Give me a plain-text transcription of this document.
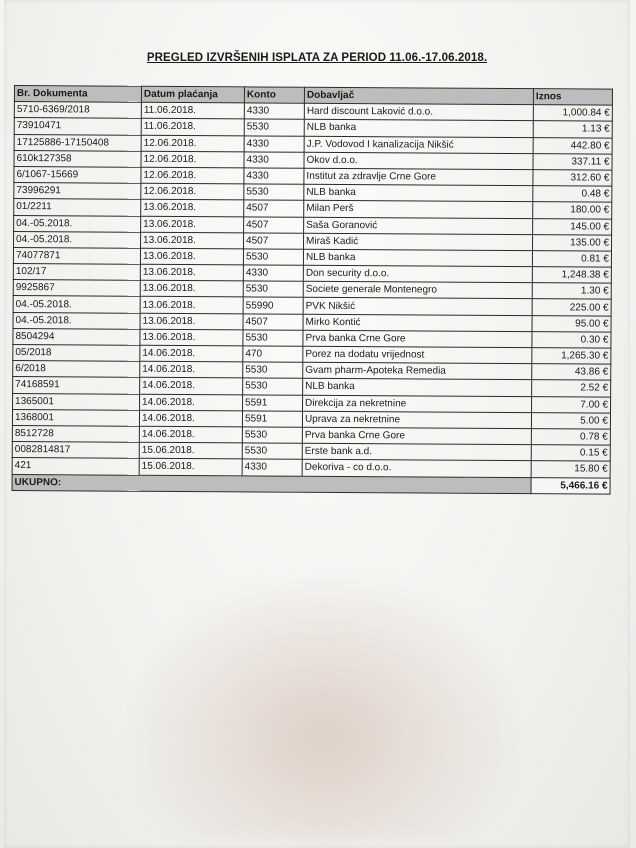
PREGLED IZVRŠENIH ISPLATA ZA PERIOD 11.06.-17.06.2018.
Br. Dokumenta	Datum plaćanja	Konto	Dobavljač	Iznos
5710-6369/2018	11.06.2018.	4330	Hard discount Laković d.o.o.	1,000.84 €
73910471	11.06.2018.	5530	NLB banka	1.13 €
17125886-17150408	12.06.2018.	4330	J.P. Vodovod I kanalizacija Nikšić	442.80 €
610k127358	12.06.2018.	4330	Okov d.o.o.	337.11 €
6/1067-15669	12.06.2018.	4330	Institut za zdravlje Crne Gore	312.60 €
73996291	12.06.2018.	5530	NLB banka	0.48 €
01/2211	13.06.2018.	4507	Milan Perš	180.00 €
04.-05.2018.	13.06.2018.	4507	Saša Goranović	145.00 €
04.-05.2018.	13.06.2018.	4507	Miraš Kadić	135.00 €
74077871	13.06.2018.	5530	NLB banka	0.81 €
102/17	13.06.2018.	4330	Don security d.o.o.	1,248.38 €
9925867	13.06.2018.	5530	Societe generale Montenegro	1.30 €
04.-05.2018.	13.06.2018.	55990	PVK Nikšić	225.00 €
04.-05.2018.	13.06.2018.	4507	Mirko Kontić	95.00 €
8504294	13.06.2018.	5530	Prva banka Crne Gore	0.30 €
05/2018	14.06.2018.	470	Porez na dodatu vrijednost	1,265.30 €
6/2018	14.06.2018.	5530	Gvam pharm-Apoteka Remedia	43.86 €
74168591	14.06.2018.	5530	NLB banka	2.52 €
1365001	14.06.2018.	5591	Direkcija za nekretnine	7.00 €
1368001	14.06.2018.	5591	Uprava za nekretnine	5.00 €
8512728	14.06.2018.	5530	Prva banka Crne Gore	0.78 €
0082814817	15.06.2018.	5530	Erste bank a.d.	0.15 €
421	15.06.2018.	4330	Dekoriva - co d.o.o.	15.80 €
UKUPNO:				5,466.16 €
